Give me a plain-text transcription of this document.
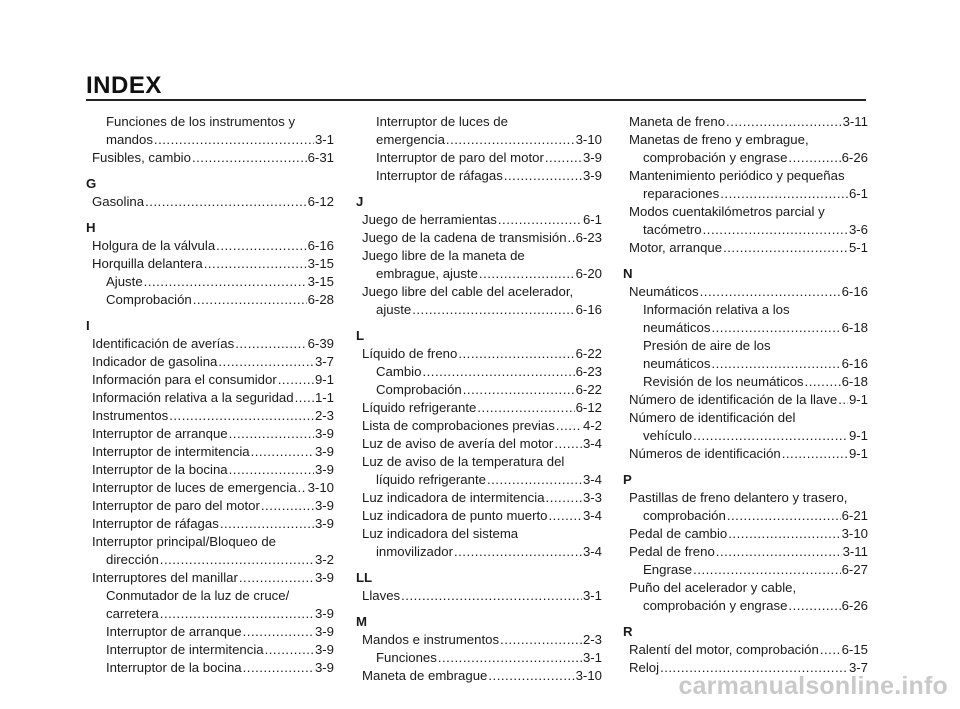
INDEX
Funciones de los instrumentos y
mandos .....	3-1
Fusibles, cambio .....	6-31
G
Gasolina .....	6-12
H
Holgura de la válvula .....	6-16
Horquilla delantera .....	3-15
Ajuste .....	3-15
Comprobación .....	6-28
I
Identificación de averías .....	6-39
Indicador de gasolina .....	3-7
Información para el consumidor .....	9-1
Información relativa a la seguridad ..... 1-1
Instrumentos .....	2-3
Interruptor de arranque .....	3-9
Interruptor de intermitencia .....	3-9
Interruptor de la bocina .....	3-9
Interruptor de luces de emergencia ..... 3-10
Interruptor de paro del motor .....	3-9
Interruptor de ráfagas .....	3-9
Interruptor principal/Bloqueo de
dirección .....	3-2
Interruptores del manillar .....	3-9
Conmutador de la luz de cruce/
carretera .....	3-9
Interruptor de arranque .....	3-9
Interruptor de intermitencia .....	3-9
Interruptor de la bocina .....	3-9
Interruptor de luces de
emergencia .....	3-10
Interruptor de paro del motor .....	3-9
Interruptor de ráfagas .....	3-9
J
Juego de herramientas .....	6-1
Juego de la cadena de transmisión ..... 6-23
Juego libre de la maneta de
embrague, ajuste .....	6-20
Juego libre del cable del acelerador,
ajuste .....	6-16
L
Líquido de freno .....	6-22
Cambio .....	6-23
Comprobación .....	6-22
Líquido refrigerante .....	6-12
Lista de comprobaciones previas ..... 4-2
Luz de aviso de avería del motor ..... 3-4
Luz de aviso de la temperatura del
líquido refrigerante .....	3-4
Luz indicadora de intermitencia .....	3-3
Luz indicadora de punto muerto .....	3-4
Luz indicadora del sistema
inmovilizador .....	3-4
LL
Llaves .....	3-1
M
Mandos e instrumentos .....	2-3
Funciones .....	3-1
Maneta de embrague .....	3-10
Maneta de freno .....	3-11
Manetas de freno y embrague,
comprobación y engrase .....	6-26
Mantenimiento periódico y pequeñas
reparaciones .....	6-1
Modos cuentakilómetros parcial y
tacómetro .....	3-6
Motor, arranque .....	5-1
N
Neumáticos .....	6-16
Información relativa a los
neumáticos .....	6-18
Presión de aire de los
neumáticos .....	6-16
Revisión de los neumáticos .....	6-18
Número de identificación de la llave ..... 9-1
Número de identificación del
vehículo .....	9-1
Números de identificación .....	9-1
P
Pastillas de freno delantero y trasero,
comprobación .....	6-21
Pedal de cambio .....	3-10
Pedal de freno .....	3-11
Engrase .....	6-27
Puño del acelerador y cable,
comprobación y engrase .....	6-26
R
Ralentí del motor, comprobación ..... 6-15
Reloj .....	3-7
carmanualsonline.info
